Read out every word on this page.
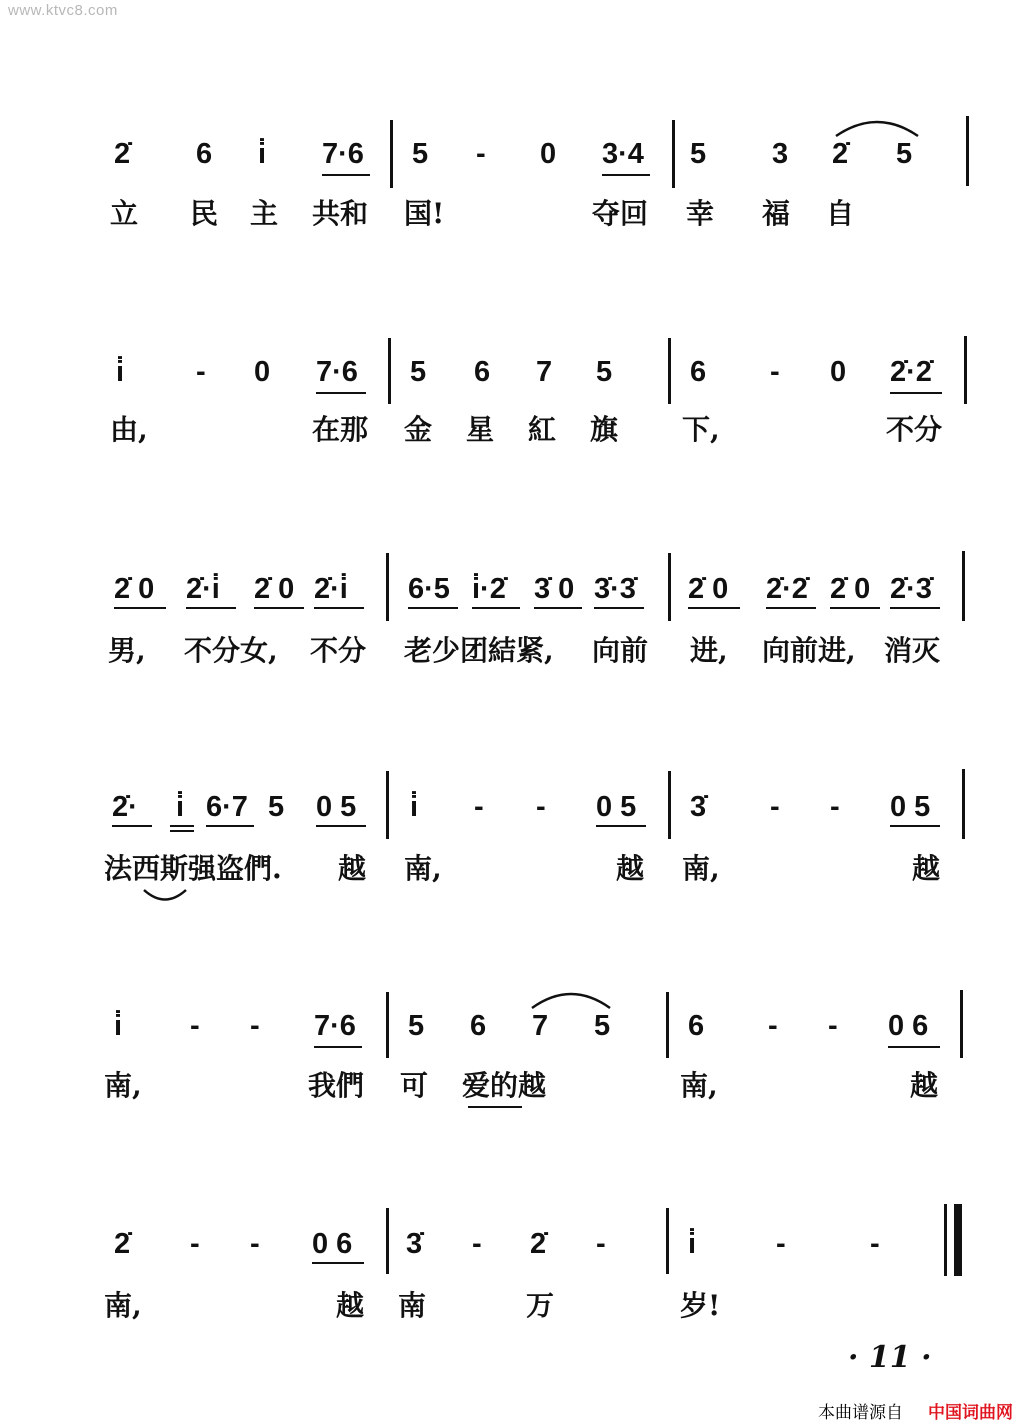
www.ktvc8.com
2̇ 6 i̇ 7·6 5 - 0 3·4 5 3 2̇ 5
立 民 主 共和 国!	夺回 幸 福 自
i̇ - 0 7·6 5 6 7 5	6 - 0 2̇·2̇
由,	在那 金 星 紅 旗 下,	不分
2̇ 0 2̇·i̇ 2̇ 0 2̇·i̇ 6·5 i̇·2̇ 3̇ 0 3̇·3̇ 2̇ 0 2̇·2̇ 2̇ 0 2̇·3̇
男, 不分女, 不分 老少团結紧, 向前 进, 向前进, 消灭
2̇· i̇ 6·7 5 0 5 i̇ - - 0 5 3̇ - - 0 5
法西斯强盗們. 越 南,	越 南,	越
i̇ - - 7·6 5 6 7 5	6 - - 0 6
南,	我們 可 爱的越	南,	越
2̇ - - 0 6 3̇ - 2̇ -	i̇	-	-
南,	越 南	万	岁!
· 11 ·
本曲谱源自 中国词曲网
